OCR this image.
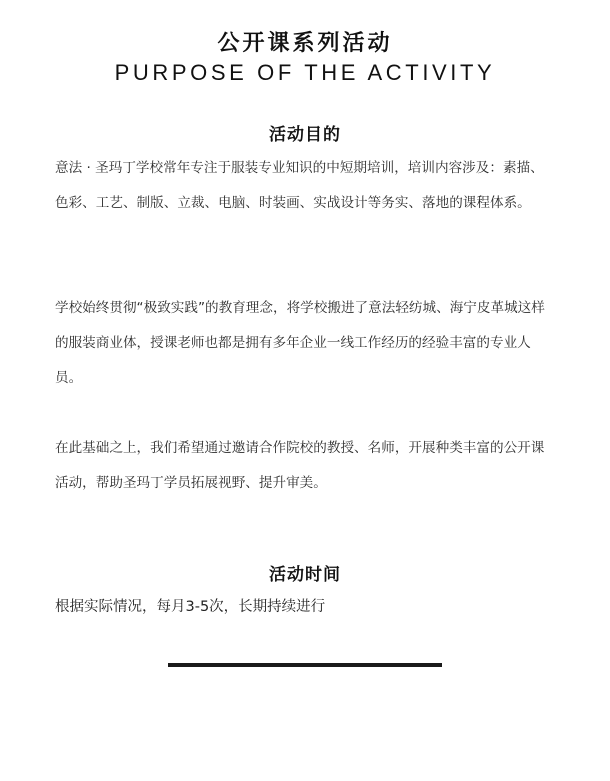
公开课系列活动
PURPOSE OF THE ACTIVITY
活动目的

意法 · 圣玛丁学校常年专注于服装专业知识的中短期培训，培训内容涉及：素描、色彩、工艺、制版、立裁、电脑、时装画、实战设计等务实、落地的课程体系。

学校始终贯彻“极致实践”的教育理念，将学校搬进了意法轻纺城、海宁皮革城这样的服装商业体，授课老师也都是拥有多年企业一线工作经历的经验丰富的专业人员。

在此基础之上，我们希望通过邀请合作院校的教授、名师，开展种类丰富的公开课活动，帮助圣玛丁学员拓展视野、提升审美。

活动时间

根据实际情况，每月3-5次，长期持续进行
